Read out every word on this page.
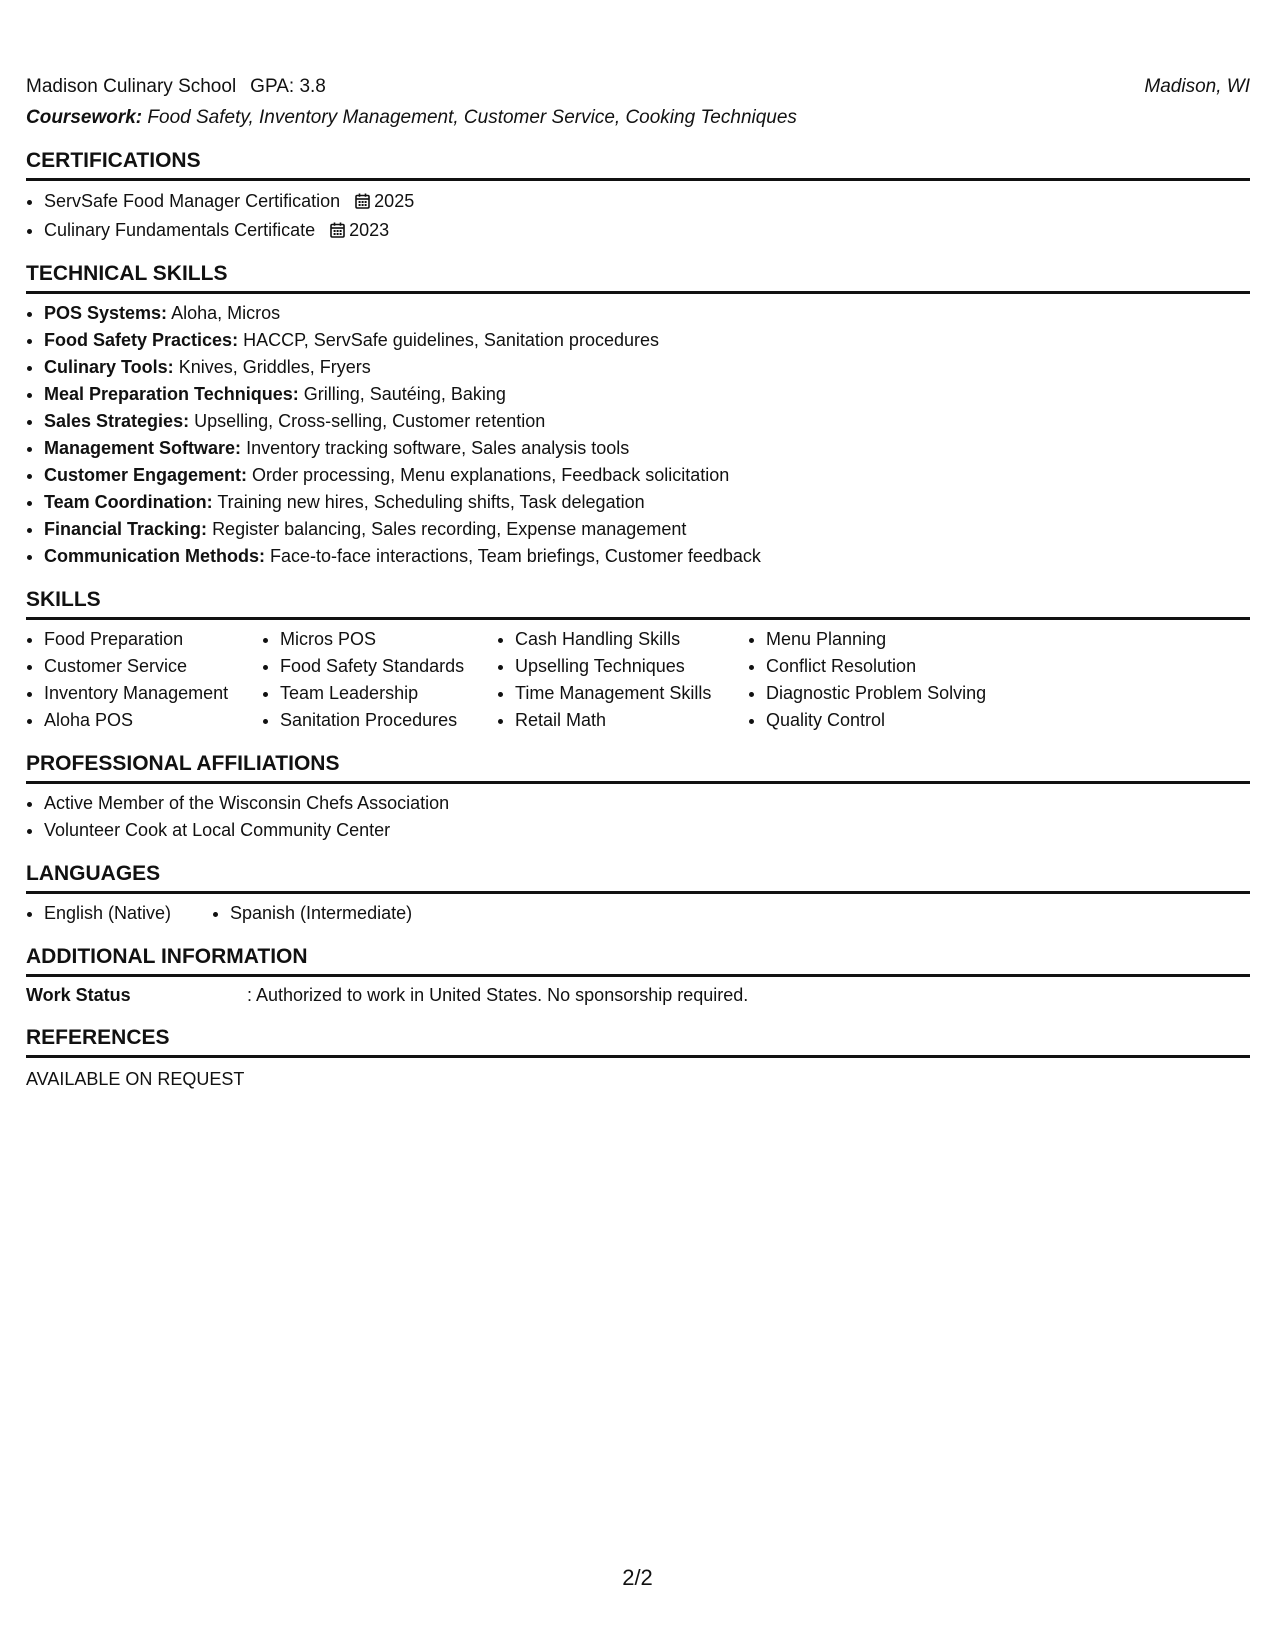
Madison Culinary School GPA: 3.8	Madison, WI
Coursework: Food Safety, Inventory Management, Customer Service, Cooking Techniques
CERTIFICATIONS
• ServSafe Food Manager Certification 2025
• Culinary Fundamentals Certificate 2023
TECHNICAL SKILLS
• POS Systems: Aloha, Micros
• Food Safety Practices: HACCP, ServSafe guidelines, Sanitation procedures
• Culinary Tools: Knives, Griddles, Fryers
• Meal Preparation Techniques: Grilling, Sautéing, Baking
• Sales Strategies: Upselling, Cross-selling, Customer retention
• Management Software: Inventory tracking software, Sales analysis tools
• Customer Engagement: Order processing, Menu explanations, Feedback solicitation
• Team Coordination: Training new hires, Scheduling shifts, Task delegation
• Financial Tracking: Register balancing, Sales recording, Expense management
• Communication Methods: Face-to-face interactions, Team briefings, Customer feedback
SKILLS
• Food Preparation
• Customer Service
• Inventory Management
• Aloha POS
• Micros POS
• Food Safety Standards
• Team Leadership
• Sanitation Procedures
• Cash Handling Skills
• Upselling Techniques
• Time Management Skills
• Retail Math
• Menu Planning
• Conflict Resolution
• Diagnostic Problem Solving
• Quality Control
PROFESSIONAL AFFILIATIONS
• Active Member of the Wisconsin Chefs Association
• Volunteer Cook at Local Community Center
LANGUAGES
• English (Native)
•	Spanish (Intermediate)
ADDITIONAL INFORMATION
Work Status	: Authorized to work in United States. No sponsorship required.
REFERENCES
AVAILABLE ON REQUEST
2/2
